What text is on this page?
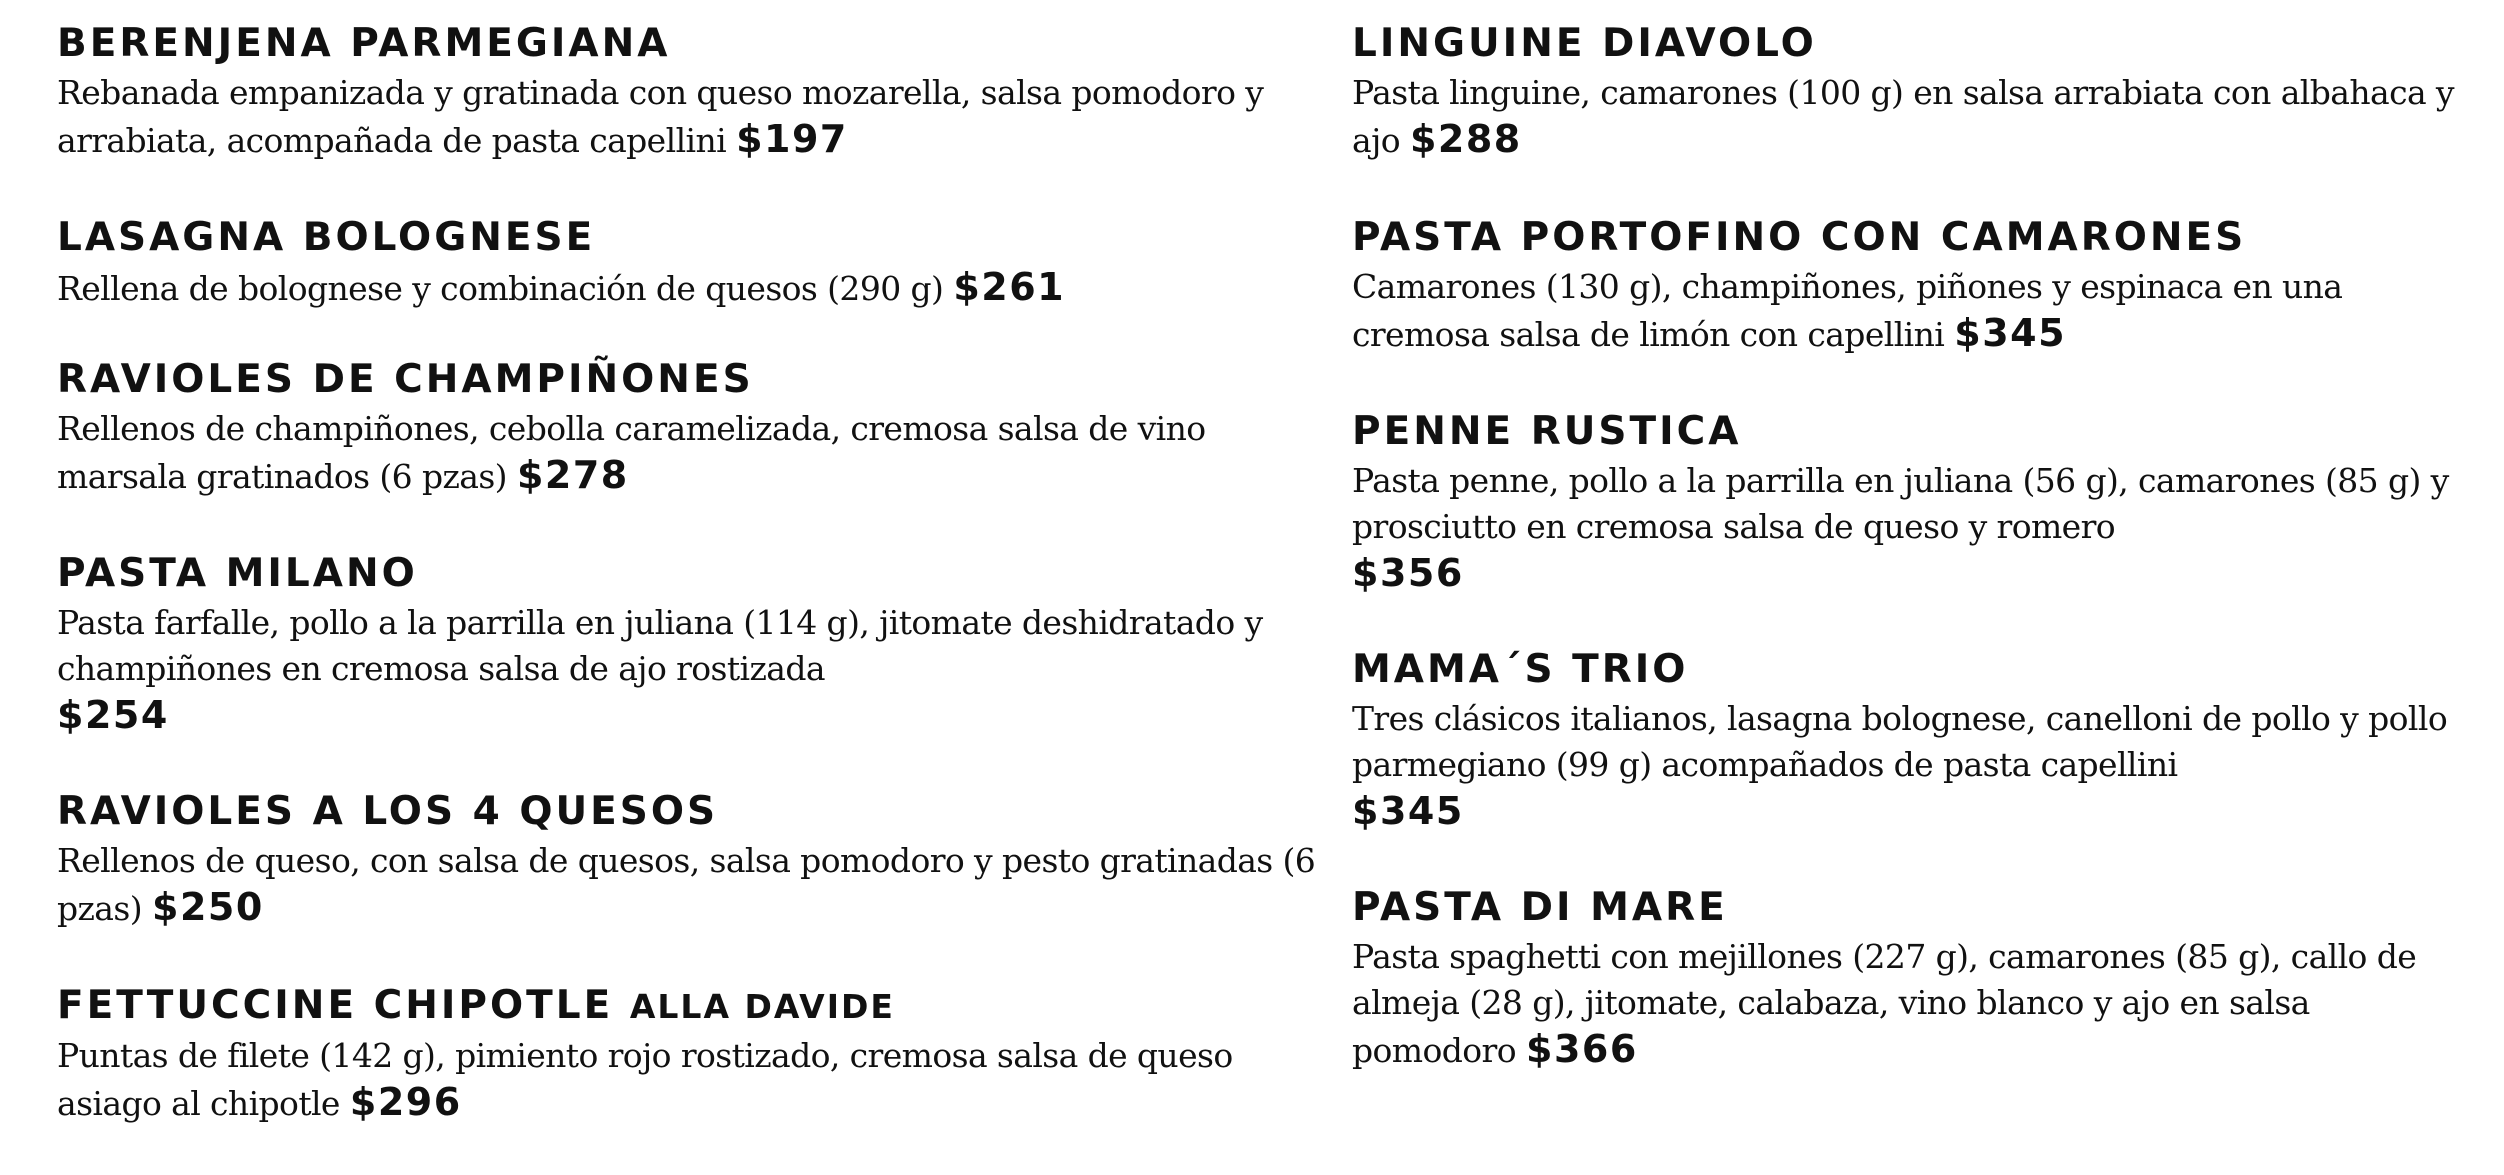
BERENJENA PARMEGIANA

Rebanada empanizada y gratinada con queso mozarella, salsa pomodoro y arrabiata, acompañada de pasta capellini $197

LASAGNA BOLOGNESE

Rellena de bolognese y combinación de quesos (290 g) $261

RAVIOLES DE CHAMPIÑONES

Rellenos de champiñones, cebolla caramelizada, cremosa salsa de vino marsala gratinados (6 pzas) $278

PASTA MILANO

Pasta farfalle, pollo a la parrilla en juliana (114 g), jitomate deshidratado y champiñones en cremosa salsa de ajo rostizada
$254

RAVIOLES A LOS 4 QUESOS

Rellenos de queso, con salsa de quesos, salsa pomodoro y pesto gratinadas (6 pzas) $250

FETTUCCINE CHIPOTLE ALLA DAVIDE

Puntas de filete (142 g), pimiento rojo rostizado, cremosa salsa de queso asiago al chipotle $296

LINGUINE DIAVOLO

Pasta linguine, camarones (100 g) en salsa arrabiata con albahaca y ajo $288

PASTA PORTOFINO CON CAMARONES

Camarones (130 g), champiñones, piñones y espinaca en una cremosa salsa de limón con capellini $345

PENNE RUSTICA

Pasta penne, pollo a la parrilla en juliana (56 g), camarones (85 g) y prosciutto en cremosa salsa de queso y romero
$356

MAMA´S TRIO

Tres clásicos italianos, lasagna bolognese, canelloni de pollo y pollo parmegiano (99 g) acompañados de pasta capellini
$345

PASTA DI MARE

Pasta spaghetti con mejillones (227 g), camarones (85 g), callo de almeja (28 g), jitomate, calabaza, vino blanco y ajo en salsa pomodoro $366
